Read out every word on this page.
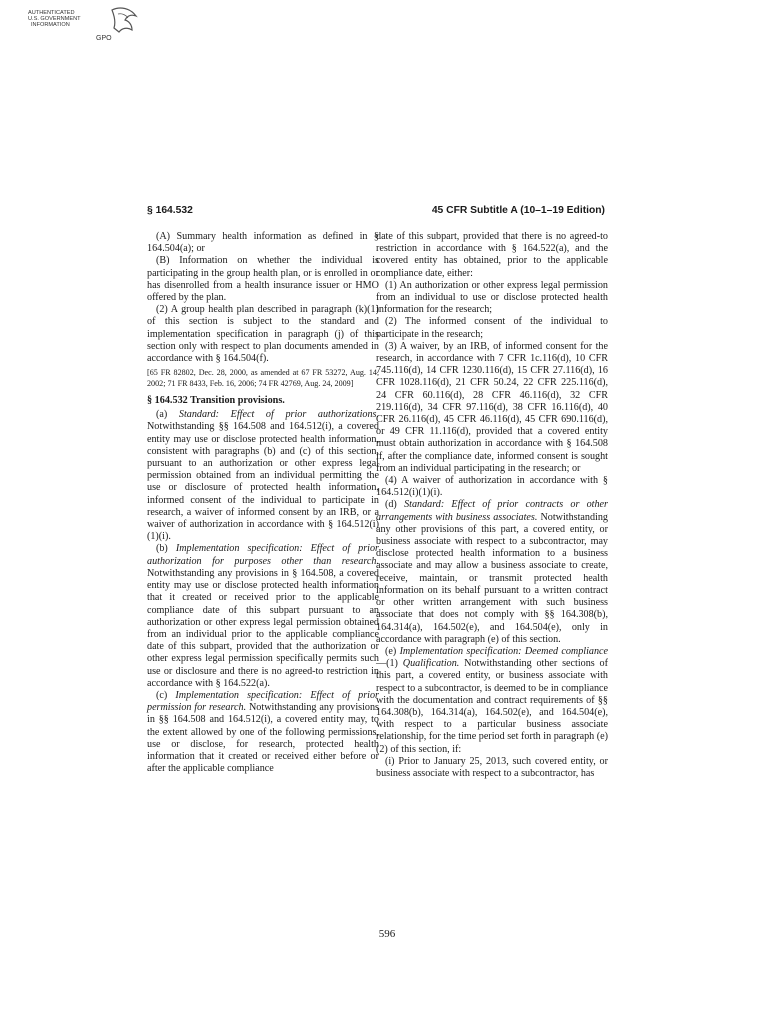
AUTHENTICATED
U.S. GOVERNMENT
INFORMATION
GPO
§ 164.532	45 CFR Subtitle A (10–1–19 Edition)

(A) Summary health information as defined in § 164.504(a); or

(B) Information on whether the individual is participating in the group health plan, or is enrolled in or has disenrolled from a health insurance issuer or HMO offered by the plan.

(2) A group health plan described in paragraph (k)(1) of this section is subject to the standard and implementation specification in paragraph (j) of this section only with respect to plan documents amended in accordance with § 164.504(f).

[65 FR 82802, Dec. 28, 2000, as amended at 67 FR 53272, Aug. 14, 2002; 71 FR 8433, Feb. 16, 2006; 74 FR 42769, Aug. 24, 2009]

§ 164.532 Transition provisions.

(a) Standard: Effect of prior authorizations. Notwithstanding §§ 164.508 and 164.512(i), a covered entity may use or disclose protected health information, consistent with paragraphs (b) and (c) of this section, pursuant to an authorization or other express legal permission obtained from an individual permitting the use or disclosure of protected health information, informed consent of the individual to participate in research, a waiver of informed consent by an IRB, or a waiver of authorization in accordance with § 164.512(i)(1)(i).

(b) Implementation specification: Effect of prior authorization for purposes other than research. Notwithstanding any provisions in § 164.508, a covered entity may use or disclose protected health information that it created or received prior to the applicable compliance date of this subpart pursuant to an authorization or other express legal permission obtained from an individual prior to the applicable compliance date of this subpart, provided that the authorization or other express legal permission specifically permits such use or disclosure and there is no agreed-to restriction in accordance with § 164.522(a).

(c) Implementation specification: Effect of prior permission for research. Notwithstanding any provisions in §§ 164.508 and 164.512(i), a covered entity may, to the extent allowed by one of the following permissions, use or disclose, for research, protected health information that it created or received either before or after the applicable compliance

date of this subpart, provided that there is no agreed-to restriction in accordance with § 164.522(a), and the covered entity has obtained, prior to the applicable compliance date, either:

(1) An authorization or other express legal permission from an individual to use or disclose protected health information for the research;

(2) The informed consent of the individual to participate in the research;

(3) A waiver, by an IRB, of informed consent for the research, in accordance with 7 CFR 1c.116(d), 10 CFR 745.116(d), 14 CFR 1230.116(d), 15 CFR 27.116(d), 16 CFR 1028.116(d), 21 CFR 50.24, 22 CFR 225.116(d), 24 CFR 60.116(d), 28 CFR 46.116(d), 32 CFR 219.116(d), 34 CFR 97.116(d), 38 CFR 16.116(d), 40 CFR 26.116(d), 45 CFR 46.116(d), 45 CFR 690.116(d), or 49 CFR 11.116(d), provided that a covered entity must obtain authorization in accordance with § 164.508 if, after the compliance date, informed consent is sought from an individual participating in the research; or

(4) A waiver of authorization in accordance with § 164.512(i)(1)(i).

(d) Standard: Effect of prior contracts or other arrangements with business associates. Notwithstanding any other provisions of this part, a covered entity, or business associate with respect to a subcontractor, may disclose protected health information to a business associate and may allow a business associate to create, receive, maintain, or transmit protected health information on its behalf pursuant to a written contract or other written arrangement with such business associate that does not comply with §§ 164.308(b), 164.314(a), 164.502(e), and 164.504(e), only in accordance with paragraph (e) of this section.

(e) Implementation specification: Deemed compliance—(1) Qualification. Notwithstanding other sections of this part, a covered entity, or business associate with respect to a subcontractor, is deemed to be in compliance with the documentation and contract requirements of §§ 164.308(b), 164.314(a), 164.502(e), and 164.504(e), with respect to a particular business associate relationship, for the time period set forth in paragraph (e)(2) of this section, if:

(i) Prior to January 25, 2013, such covered entity, or business associate with respect to a subcontractor, has

596
